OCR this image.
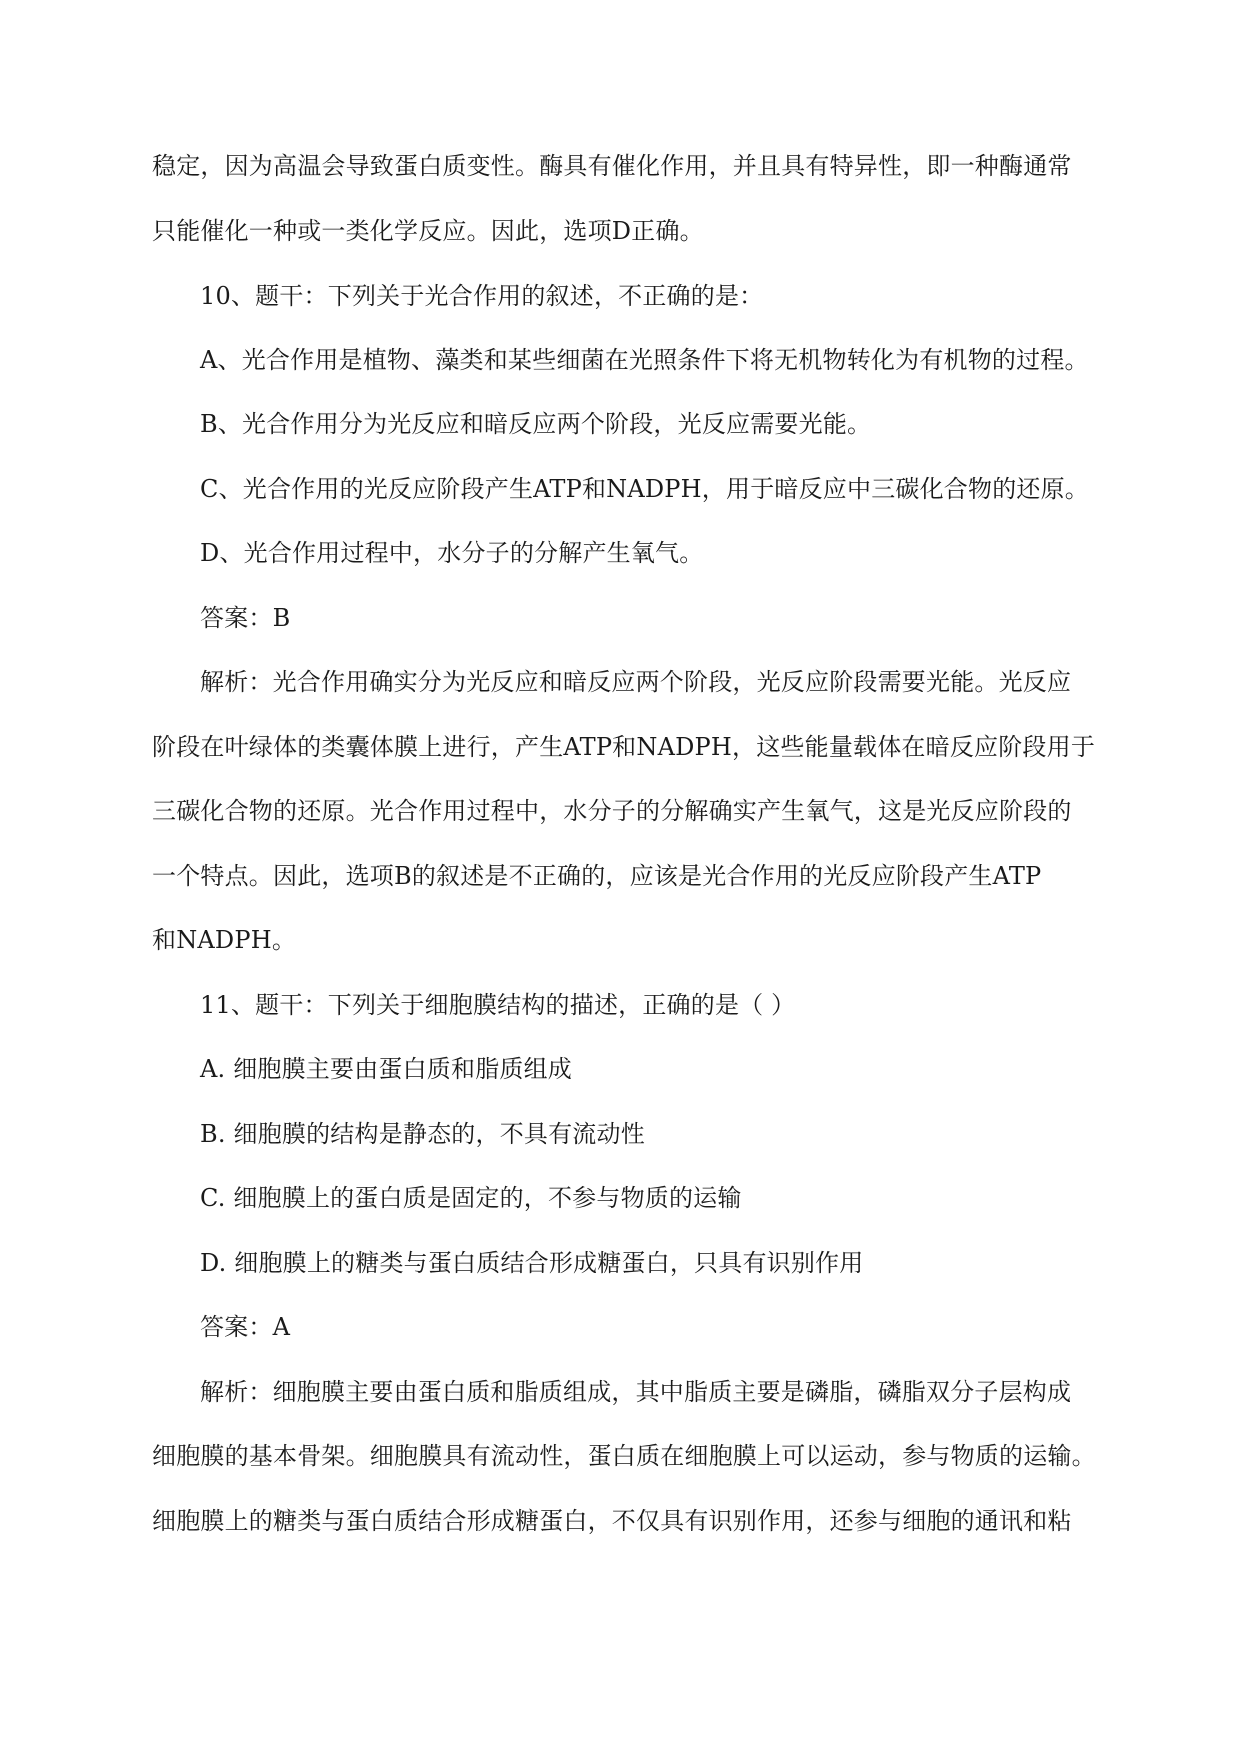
稳定，因为高温会导致蛋白质变性。酶具有催化作用，并且具有特异性，即一种酶通常
只能催化一种或一类化学反应。因此，选项D正确。
10、题干：下列关于光合作用的叙述，不正确的是：
A、光合作用是植物、藻类和某些细菌在光照条件下将无机物转化为有机物的过程。
B、光合作用分为光反应和暗反应两个阶段，光反应需要光能。
C、光合作用的光反应阶段产生ATP和NADPH，用于暗反应中三碳化合物的还原。
D、光合作用过程中，水分子的分解产生氧气。
答案：B
解析：光合作用确实分为光反应和暗反应两个阶段，光反应阶段需要光能。光反应
阶段在叶绿体的类囊体膜上进行，产生ATP和NADPH，这些能量载体在暗反应阶段用于
三碳化合物的还原。光合作用过程中，水分子的分解确实产生氧气，这是光反应阶段的
一个特点。因此，选项B的叙述是不正确的，应该是光合作用的光反应阶段产生ATP
和NADPH。
11、题干：下列关于细胞膜结构的描述，正确的是（ ）
A. 细胞膜主要由蛋白质和脂质组成
B. 细胞膜的结构是静态的，不具有流动性
C. 细胞膜上的蛋白质是固定的，不参与物质的运输
D. 细胞膜上的糖类与蛋白质结合形成糖蛋白，只具有识别作用
答案：A
解析：细胞膜主要由蛋白质和脂质组成，其中脂质主要是磷脂，磷脂双分子层构成
细胞膜的基本骨架。细胞膜具有流动性，蛋白质在细胞膜上可以运动，参与物质的运输。
细胞膜上的糖类与蛋白质结合形成糖蛋白，不仅具有识别作用，还参与细胞的通讯和粘
